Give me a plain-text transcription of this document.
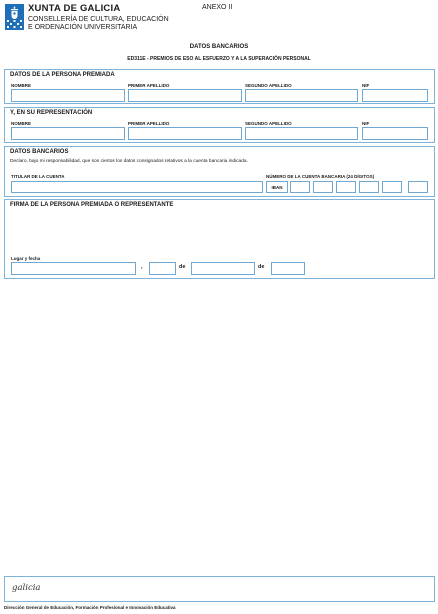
XUNTA DE GALICIA
CONSELLERÍA DE CULTURA, EDUCACIÓN
E ORDENACIÓN UNIVERSITARIA
ANEXO II
DATOS BANCARIOS
ED311E - PREMIOS DE ESO AL ESFUERZO Y A LA SUPERACIÓN PERSONAL
DATOS DE LA PERSONA PREMIADA
NOMBRE	PRIMER APELLIDO	SEGUNDO APELLIDO	NIF
Y, EN SU REPRESENTACIÓN
NOMBRE	PRIMER APELLIDO	SEGUNDO APELLIDO	NIF
DATOS BANCARIOS
Declaro, bajo mi responsabilidad, que son ciertos los datos consignados relativos a la cuenta bancaria indicada.
TITULAR DE LA CUENTA	NÚMERO DE LA CUENTA BANCARIA (24 DÍGITOS)
IBAN
FIRMA DE LA PERSONA PREMIADA O REPRESENTANTE
Lugar y fecha
,	de	de
galicia
Dirección General de Educación, Formación Profesional e Innovación Educativa
